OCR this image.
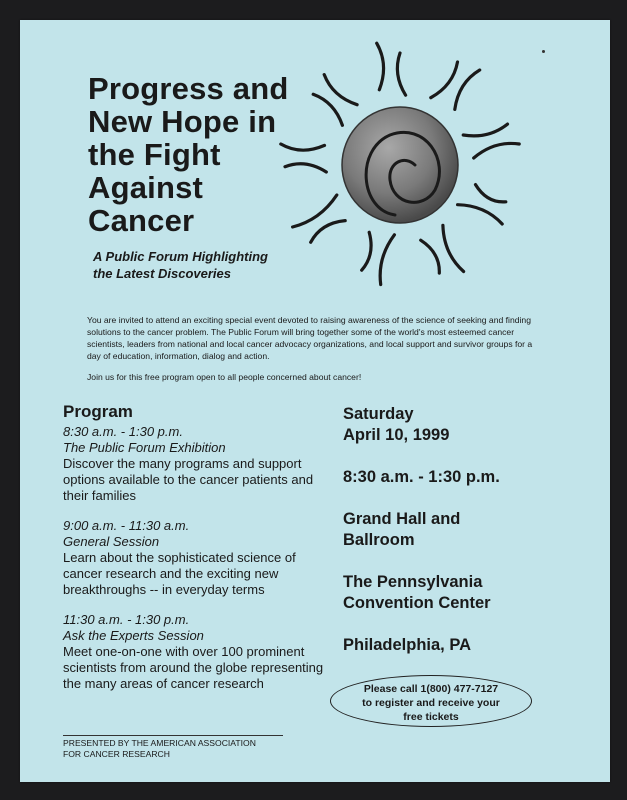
Progress and
New Hope in
the Fight
Against
Cancer
A Public Forum Highlighting
the Latest Discoveries

You are invited to attend an exciting special event devoted to raising awareness of the science of seeking and finding solutions to the cancer problem. The Public Forum will bring together some of the world's most esteemed cancer scientists, leaders from national and local cancer advocacy organizations, and local support and survivor groups for a day of education, information, dialog and action.

Join us for this free program open to all people concerned about cancer!

Program
8:30 a.m. - 1:30 p.m.
The Public Forum Exhibition
Discover the many programs and support options available to the cancer patients and their families
9:00 a.m. - 11:30 a.m.
General Session
Learn about the sophisticated science of cancer research and the exciting new breakthroughs -- in everyday terms
11:30 a.m. - 1:30 p.m.
Ask the Experts Session
Meet one-on-one with over 100 prominent scientists from around the globe representing the many areas of cancer research
PRESENTED BY THE AMERICAN ASSOCIATION
FOR CANCER RESEARCH
Saturday
April 10, 1999
8:30 a.m. - 1:30 p.m.
Grand Hall and
Ballroom
The Pennsylvania
Convention Center
Philadelphia, PA
Please call 1(800) 477-7127
to register and receive your
free tickets
